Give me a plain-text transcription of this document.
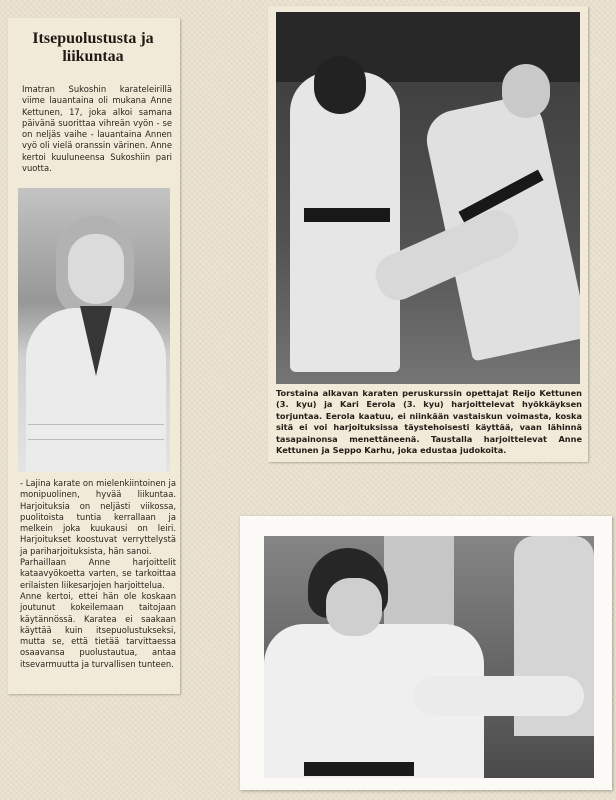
Itsepuolustusta ja liikuntaa
Imatran Sukoshin karateleirillä viime lauantaina oli mukana Anne Kettunen, 17, joka alkoi samana päivänä suorittaa vihreän vyön - se on neljäs vaihe - lauantaina Annen vyö oli vielä oranssin värinen. Anne kertoi kuuluneensa Sukoshiin pari vuotta.
- Lajina karate on mielenkiintoinen ja monipuolinen, hyvää liikuntaa. Harjoituksia on neljästi viikossa, puolitoista tuntia kerrallaan ja melkein joka kuukausi on leiri. Harjoitukset koostuvat verryttelystä ja pariharjoituksista, hän sanoi.
Parhaillaan Anne harjoittelit kataavyökoetta varten, se tarkoittaa erilaisten liikesarjojen harjoittelua.
Anne kertoi, ettei hän ole koskaan joutunut kokeilemaan taitojaan käytännössä. Karatea ei saakaan käyttää kuin itsepuolustukseksi, mutta se, että tietää tarvittaessa osaavansa puolustautua, antaa itsevarmuutta ja turvallisen tunteen.
Torstaina alkavan karaten peruskurssin opettajat Reijo Kettunen (3. kyu) ja Kari Eerola (3. kyu) harjoittelevat hyökkäyksen torjuntaa. Eerola kaatuu, ei niinkään vastaiskun voimasta, koska sitä ei voi harjoituksissa täystehoisesti käyttää, vaan lähinnä tasapainonsa menettäneenä. Taustalla harjoittelevat Anne Kettunen ja Seppo Karhu, joka edustaa judokoita.
